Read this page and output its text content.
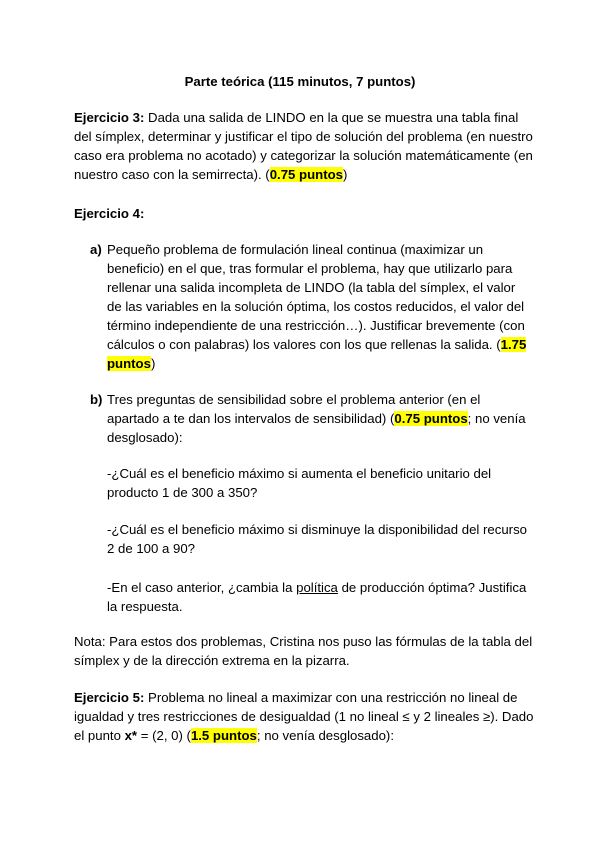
Parte teórica (115 minutos, 7 puntos)

Ejercicio 3: Dada una salida de LINDO en la que se muestra una tabla final del símplex, determinar y justificar el tipo de solución del problema (en nuestro caso era problema no acotado) y categorizar la solución matemáticamente (en nuestro caso con la semirrecta). (0.75 puntos)

Ejercicio 4:

a) Pequeño problema de formulación lineal continua (maximizar un beneficio) en el que, tras formular el problema, hay que utilizarlo para rellenar una salida incompleta de LINDO (la tabla del símplex, el valor de las variables en la solución óptima, los costos reducidos, el valor del término independiente de una restricción…). Justificar brevemente (con cálculos o con palabras) los valores con los que rellenas la salida. (1.75 puntos)
b) Tres preguntas de sensibilidad sobre el problema anterior (en el apartado a te dan los intervalos de sensibilidad) (0.75 puntos; no venía desglosado):
-¿Cuál es el beneficio máximo si aumenta el beneficio unitario del producto 1 de 300 a 350?
-¿Cuál es el beneficio máximo si disminuye la disponibilidad del recurso 2 de 100 a 90?
-En el caso anterior, ¿cambia la política de producción óptima? Justifica la respuesta.

Nota: Para estos dos problemas, Cristina nos puso las fórmulas de la tabla del símplex y de la dirección extrema en la pizarra.

Ejercicio 5: Problema no lineal a maximizar con una restricción no lineal de igualdad y tres restricciones de desigualdad (1 no lineal ≤ y 2 lineales ≥). Dado el punto x* = (2, 0) (1.5 puntos; no venía desglosado):
